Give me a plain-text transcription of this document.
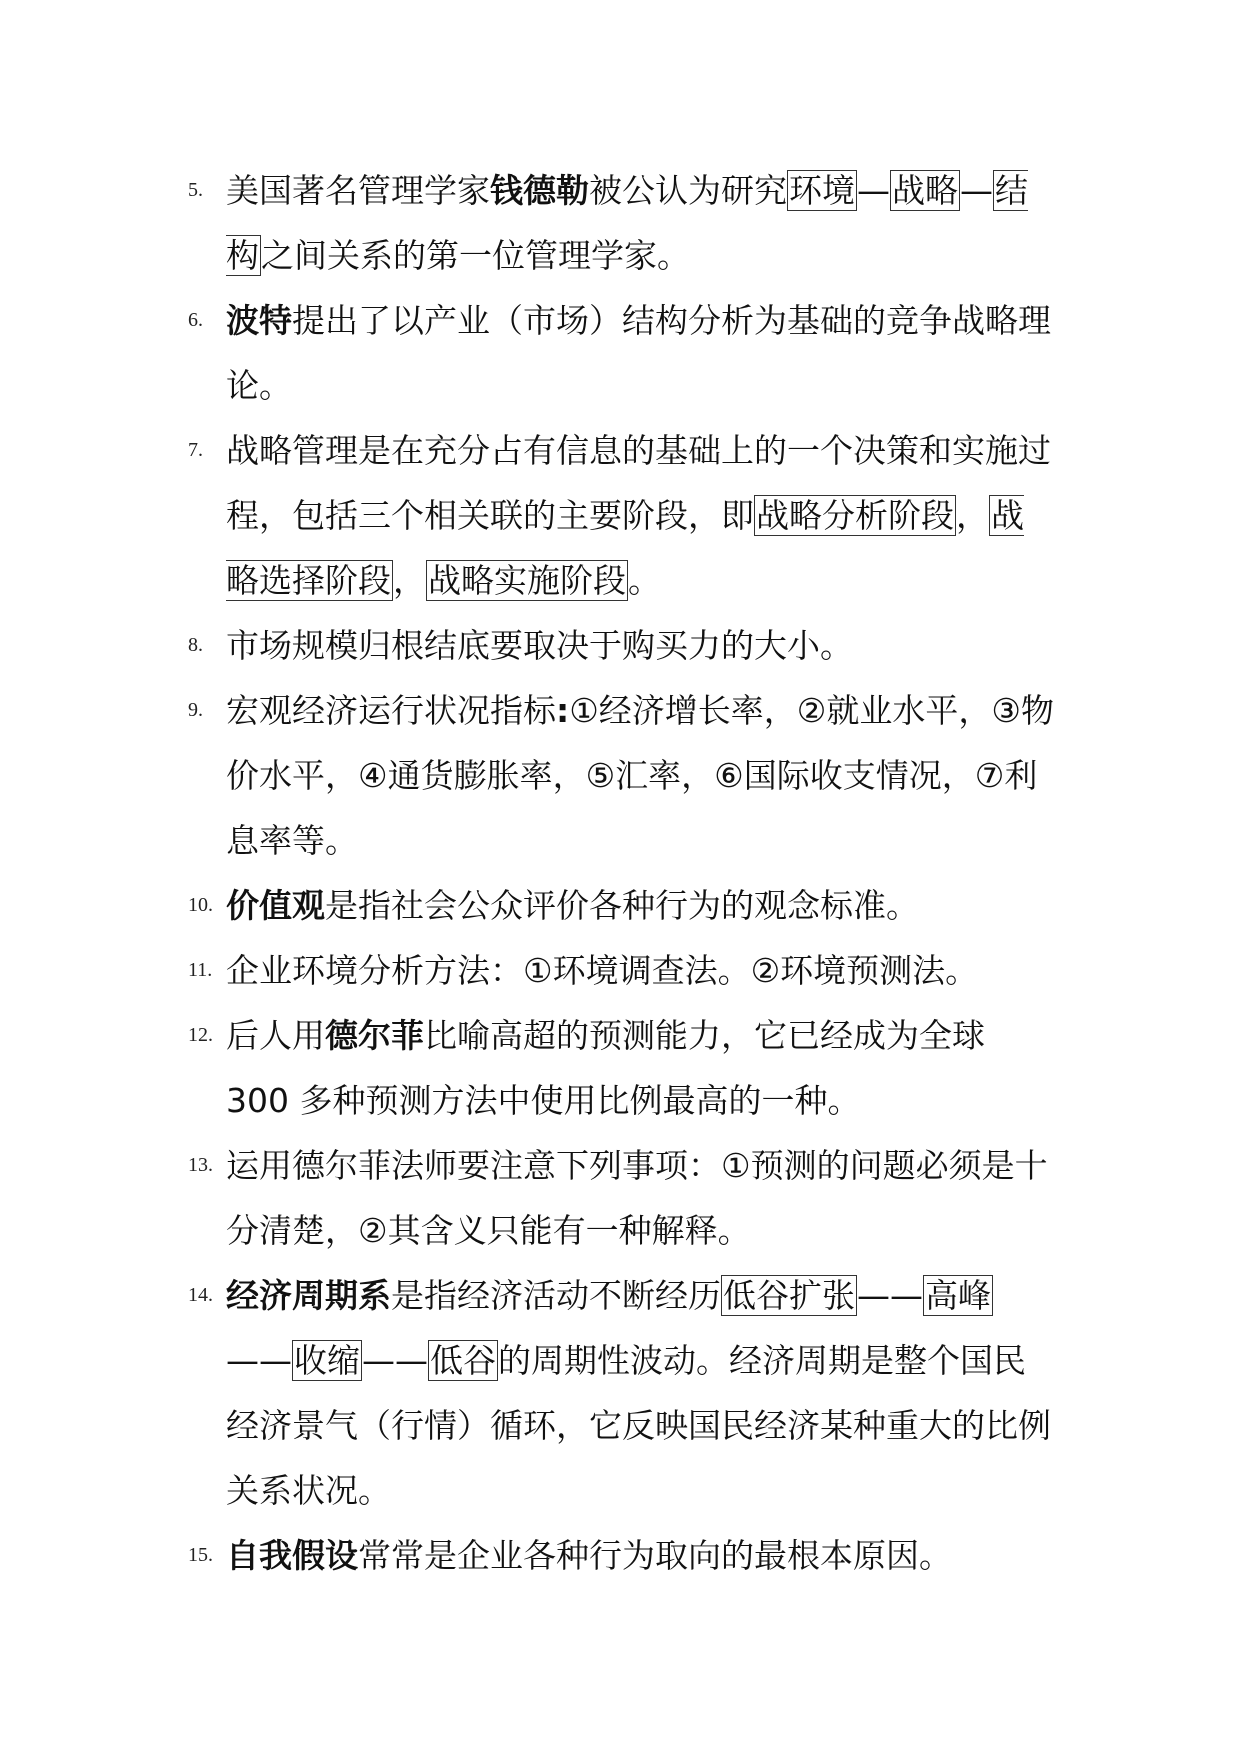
5. 美国著名管理学家钱德勒被公认为研究环境—战略—结构之间关系的第一位管理学家。
6. 波特提出了以产业（市场）结构分析为基础的竞争战略理论。
7. 战略管理是在充分占有信息的基础上的一个决策和实施过程，包括三个相关联的主要阶段，即战略分析阶段，战略选择阶段，战略实施阶段。
8. 市场规模归根结底要取决于购买力的大小。
9. 宏观经济运行状况指标:①经济增长率，②就业水平，③物价水平，④通货膨胀率，⑤汇率，⑥国际收支情况，⑦利息率等。
10. 价值观是指社会公众评价各种行为的观念标准。
11. 企业环境分析方法：①环境调查法。②环境预测法。
12. 后人用德尔菲比喻高超的预测能力，它已经成为全球 300 多种预测方法中使用比例最高的一种。
13. 运用德尔菲法师要注意下列事项：①预测的问题必须是十分清楚，②其含义只能有一种解释。
14. 经济周期系是指经济活动不断经历低谷扩张——高峰——收缩——低谷的周期性波动。经济周期是整个国民经济景气（行情）循环，它反映国民经济某种重大的比例关系状况。
15. 自我假设常常是企业各种行为取向的最根本原因。
